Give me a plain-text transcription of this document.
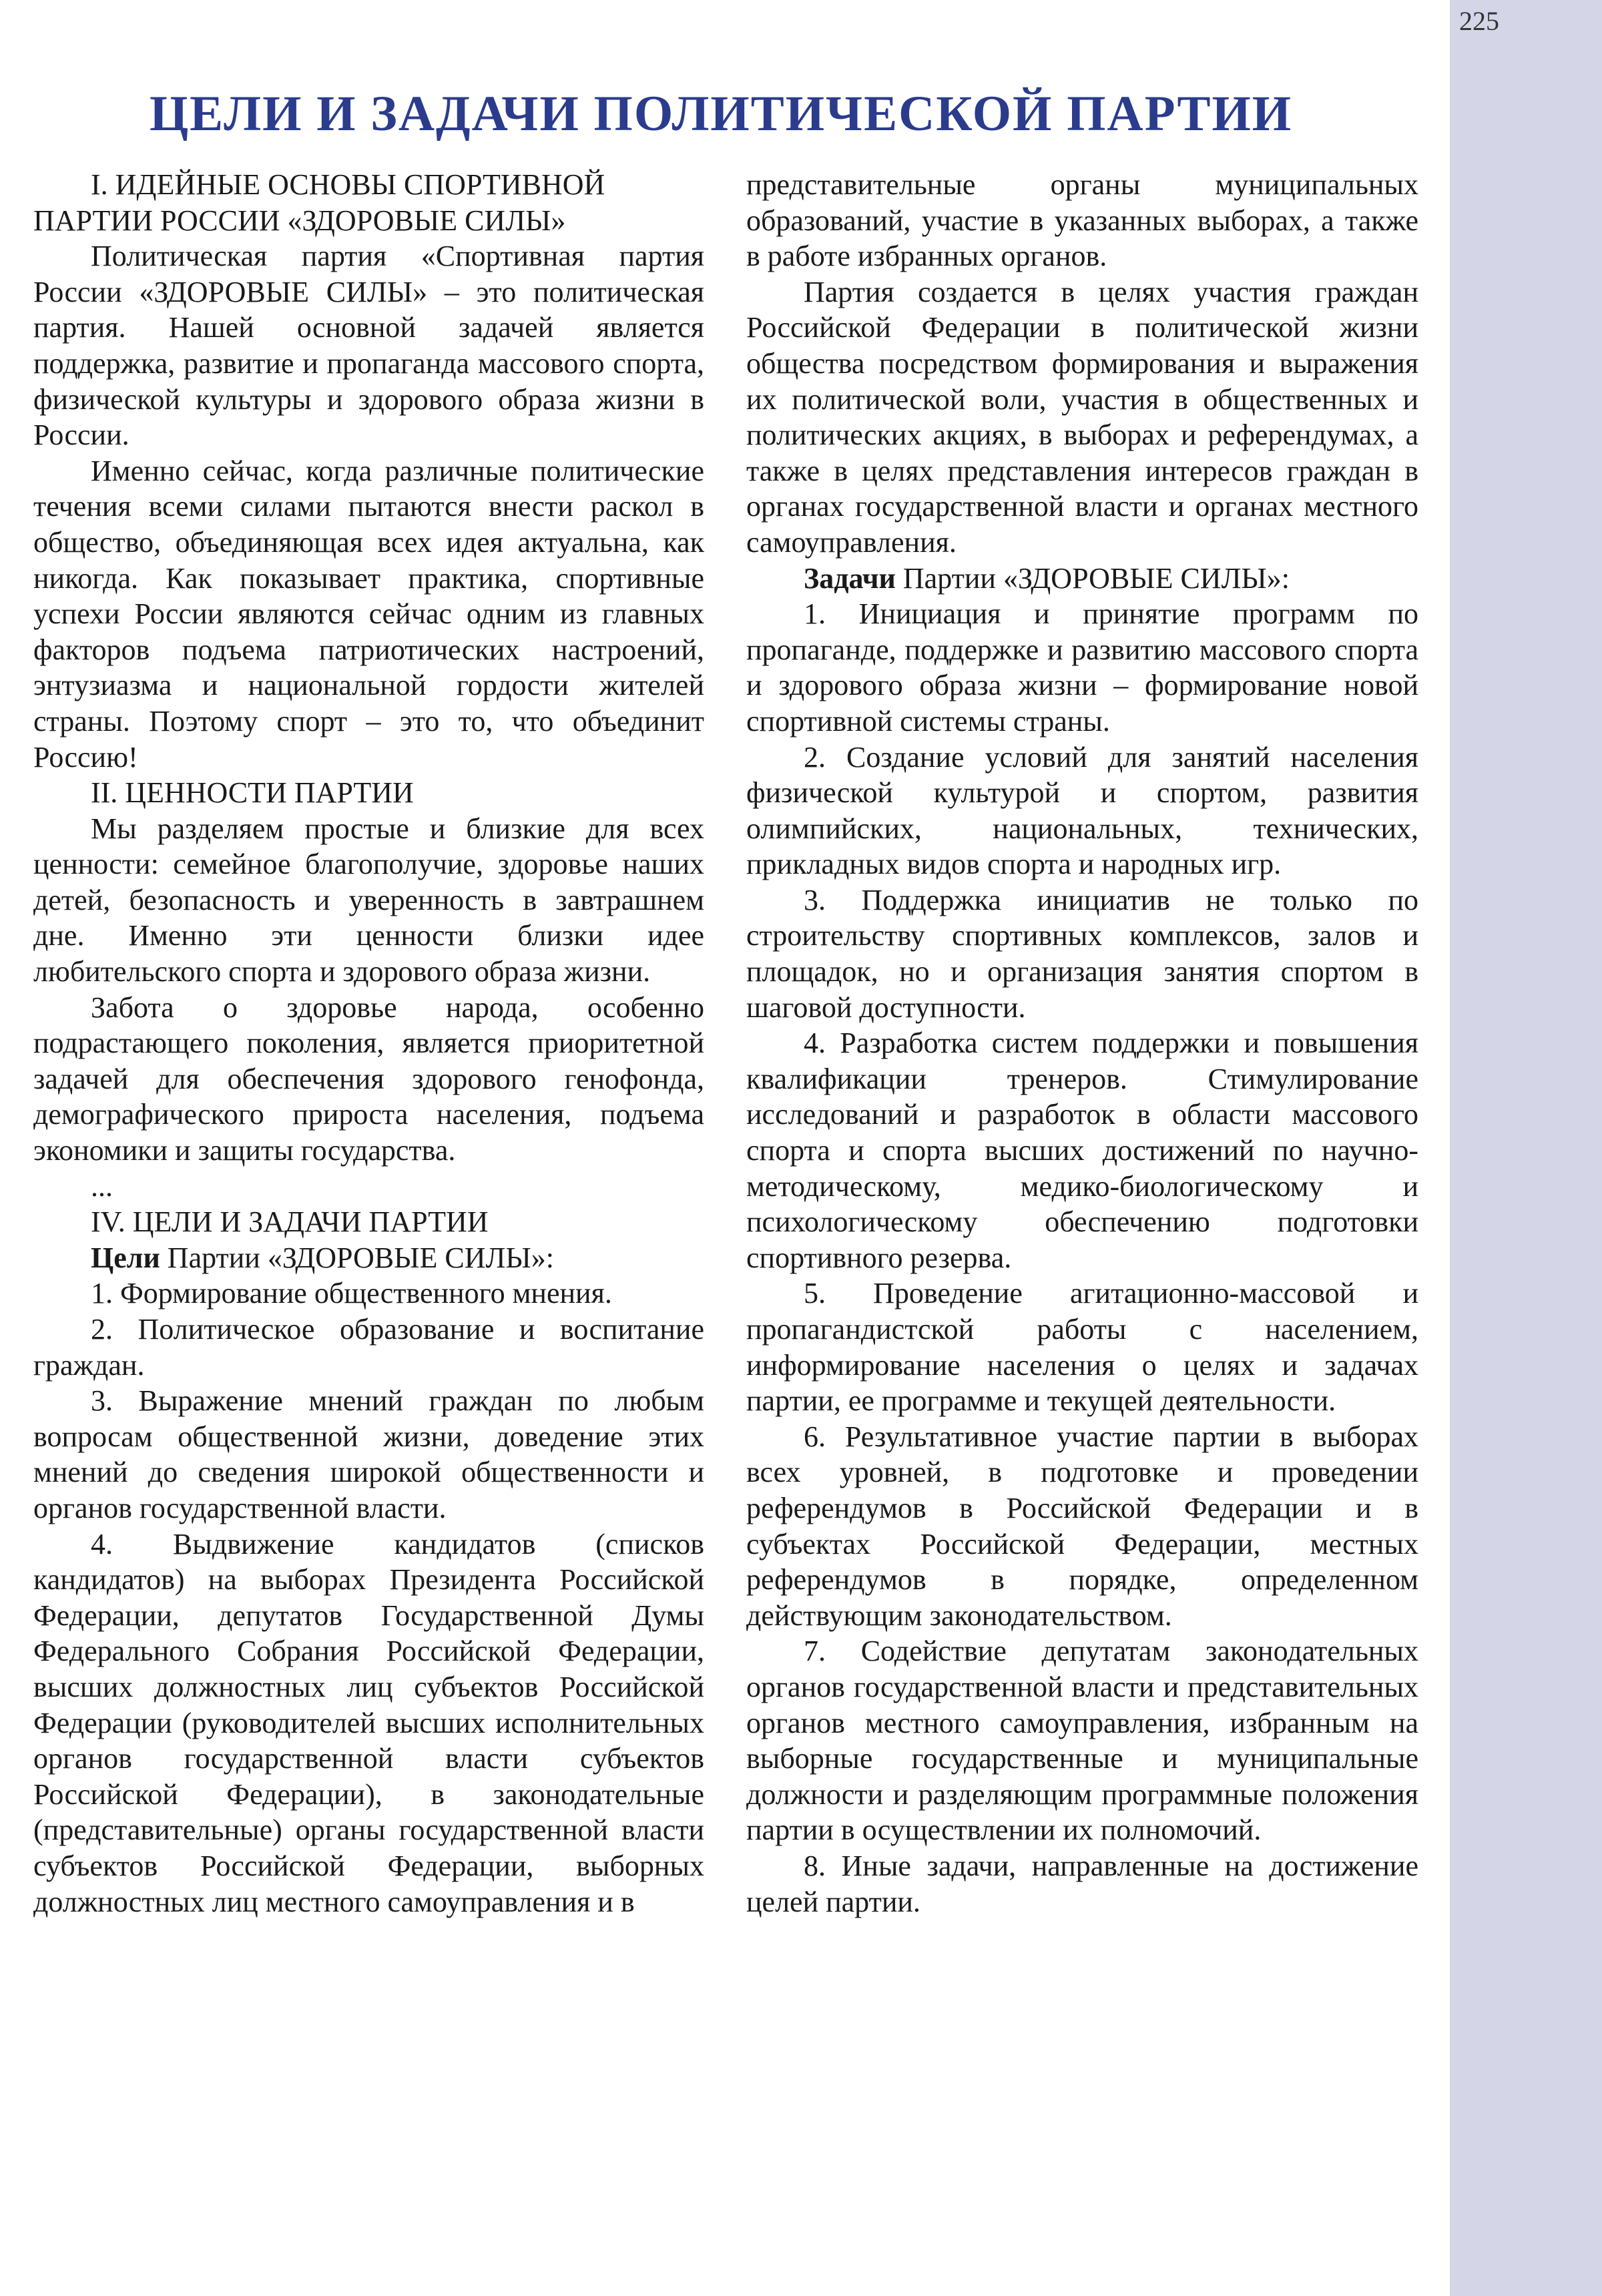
225
ЦЕЛИ И ЗАДАЧИ ПОЛИТИЧЕСКОЙ ПАРТИИ

I. ИДЕЙНЫЕ ОСНОВЫ СПОРТИВНОЙ ПАРТИИ РОССИИ «ЗДОРОВЫЕ СИЛЫ»

Политическая партия «Спортивная партия России «ЗДОРОВЫЕ СИЛЫ» – это политическая партия. Нашей основной задачей является поддержка, развитие и пропаганда массового спорта, физической культуры и здорового образа жизни в России.

Именно сейчас, когда различные политические течения всеми силами пытаются внести раскол в общество, объединяющая всех идея актуальна, как никогда. Как показывает практика, спортивные успехи России являются сейчас одним из главных факторов подъема патриотических настроений, энтузиазма и национальной гордости жителей страны. Поэтому спорт – это то, что объединит Россию!

II. ЦЕННОСТИ ПАРТИИ

Мы разделяем простые и близкие для всех ценности: семейное благополучие, здоровье наших детей, безопасность и уверенность в завтрашнем дне. Именно эти ценности близки идее любительского спорта и здорового образа жизни.

Забота о здоровье народа, особенно подрастающего поколения, является приоритетной задачей для обеспечения здорового генофонда, демографического прироста населения, подъема экономики и защиты государства.

...

IV. ЦЕЛИ И ЗАДАЧИ ПАРТИИ

Цели Партии «ЗДОРОВЫЕ СИЛЫ»:

1. Формирование общественного мнения.

2. Политическое образование и воспитание граждан.

3. Выражение мнений граждан по любым вопросам общественной жизни, доведение этих мнений до сведения широкой общественности и органов государственной власти.

4. Выдвижение кандидатов (списков кандидатов) на выборах Президента Российской Федерации, депутатов Государственной Думы Федерального Собрания Российской Федерации, высших должностных лиц субъектов Российской Федерации (руководителей высших исполнительных органов государственной власти субъектов Российской Федерации), в законодательные (представительные) органы государственной власти субъектов Российской Федерации, выборных должностных лиц местного самоуправления и в

представительные органы муниципальных образований, участие в указанных выборах, а также в работе избранных органов.

Партия создается в целях участия граждан Российской Федерации в политической жизни общества посредством формирования и выражения их политической воли, участия в общественных и политических акциях, в выборах и референдумах, а также в целях представления интересов граждан в органах государственной власти и органах местного самоуправления.

Задачи Партии «ЗДОРОВЫЕ СИЛЫ»:

1. Инициация и принятие программ по пропаганде, поддержке и развитию массового спорта и здорового образа жизни – формирование новой спортивной системы страны.

2. Создание условий для занятий населения физической культурой и спортом, развития олимпийских, национальных, технических, прикладных видов спорта и народных игр.

3. Поддержка инициатив не только по строительству спортивных комплексов, залов и площадок, но и организация занятия спортом в шаговой доступности.

4. Разработка систем поддержки и повышения квалификации тренеров. Стимулирование исследований и разработок в области массового спорта и спорта высших достижений по научно-методическому, медико-биологическому и психологическому обеспечению подготовки спортивного резерва.

5. Проведение агитационно-массовой и пропагандистской работы с населением, информирование населения о целях и задачах партии, ее программе и текущей деятельности.

6. Результативное участие партии в выборах всех уровней, в подготовке и проведении референдумов в Российской Федерации и в субъектах Российской Федерации, местных референдумов в порядке, определенном действующим законодательством.

7. Содействие депутатам законодательных органов государственной власти и представительных органов местного самоуправления, избранным на выборные государственные и муниципальные должности и разделяющим программные положения партии в осуществлении их полномочий.

8. Иные задачи, направленные на достижение целей партии.
